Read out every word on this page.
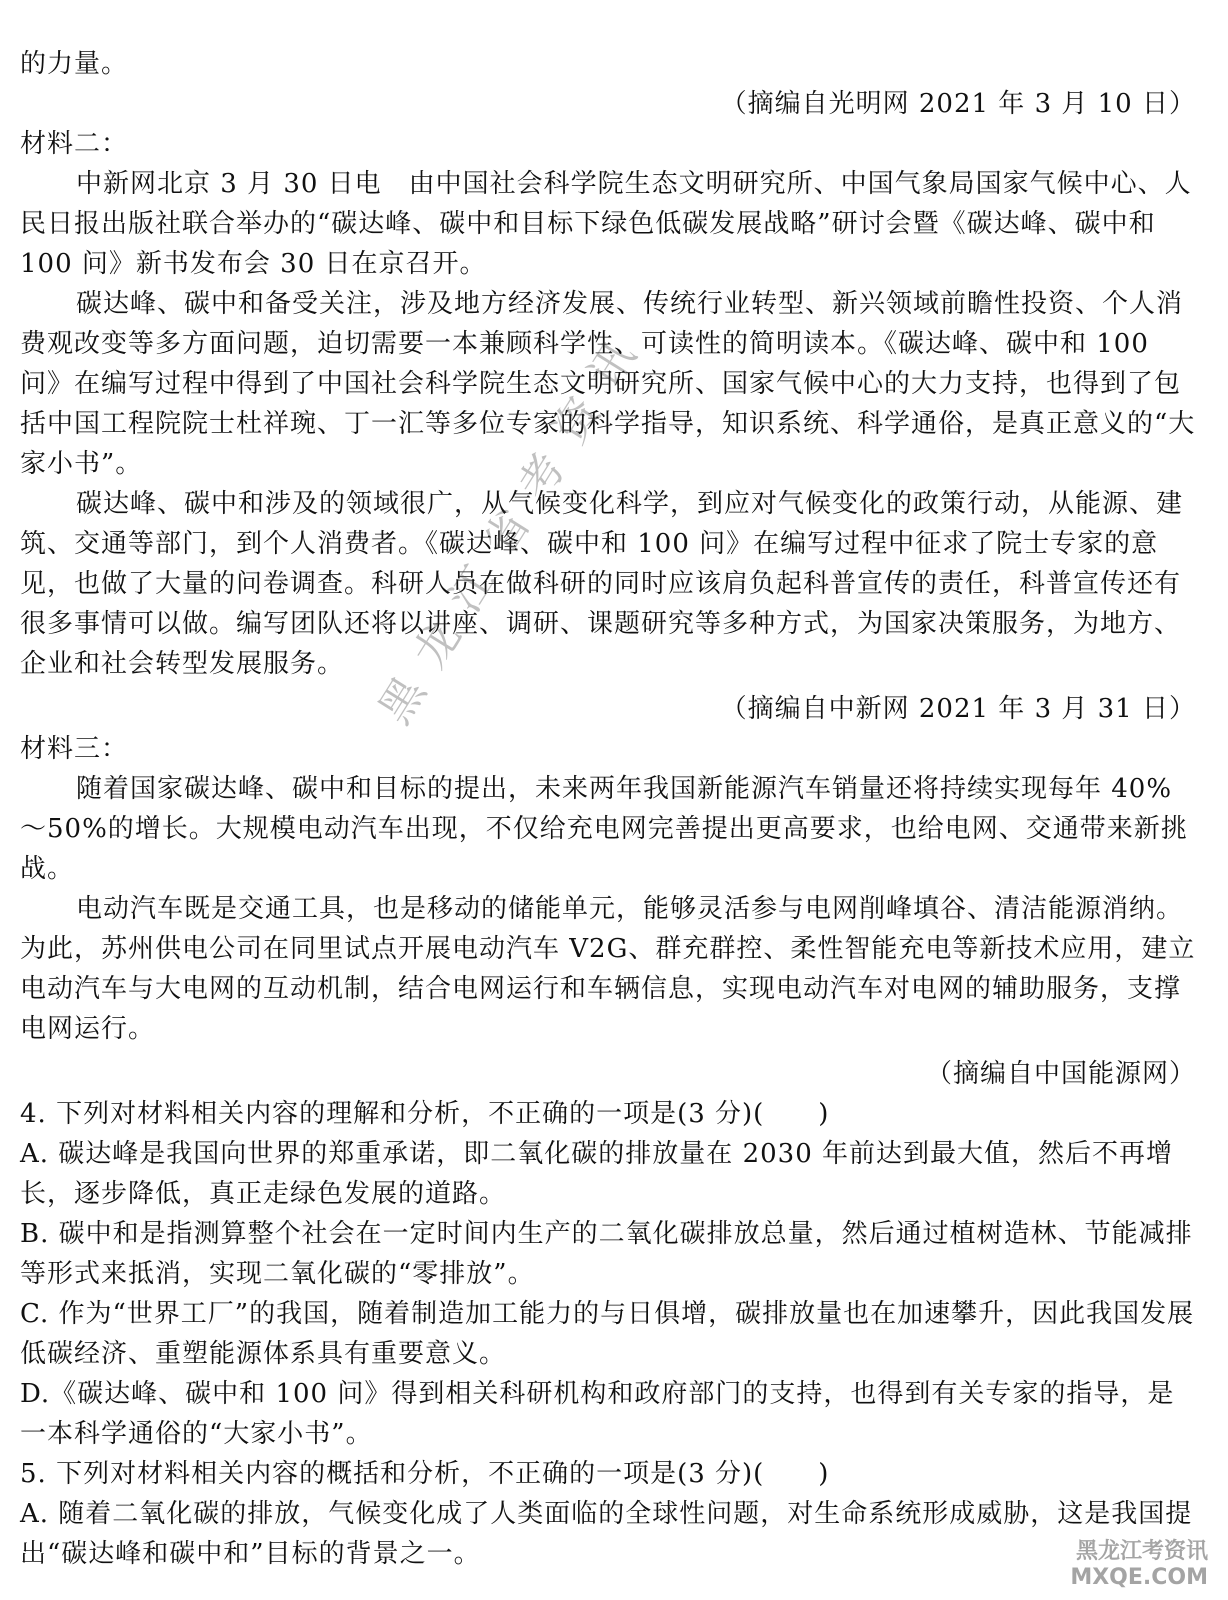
的力量。

（摘编自光明网 2021 年 3 月 10 日）

材料二：

中新网北京 3 月 30 日电　由中国社会科学院生态文明研究所、中国气象局国家气候中心、人民日报出版社联合举办的“碳达峰、碳中和目标下绿色低碳发展战略”研讨会暨《碳达峰、碳中和100 问》新书发布会 30 日在京召开。

碳达峰、碳中和备受关注，涉及地方经济发展、传统行业转型、新兴领域前瞻性投资、个人消费观改变等多方面问题，迫切需要一本兼顾科学性、可读性的简明读本。《碳达峰、碳中和 100 问》在编写过程中得到了中国社会科学院生态文明研究所、国家气候中心的大力支持，也得到了包括中国工程院院士杜祥琬、丁一汇等多位专家的科学指导，知识系统、科学通俗，是真正意义的“大家小书”。

碳达峰、碳中和涉及的领域很广，从气候变化科学，到应对气候变化的政策行动，从能源、建筑、交通等部门，到个人消费者。《碳达峰、碳中和 100 问》在编写过程中征求了院士专家的意见，也做了大量的问卷调查。科研人员在做科研的同时应该肩负起科普宣传的责任，科普宣传还有很多事情可以做。编写团队还将以讲座、调研、课题研究等多种方式，为国家决策服务，为地方、企业和社会转型发展服务。

（摘编自中新网 2021 年 3 月 31 日）

材料三：

随着国家碳达峰、碳中和目标的提出，未来两年我国新能源汽车销量还将持续实现每年 40%～50%的增长。大规模电动汽车出现，不仅给充电网完善提出更高要求，也给电网、交通带来新挑战。

电动汽车既是交通工具，也是移动的储能单元，能够灵活参与电网削峰填谷、清洁能源消纳。为此，苏州供电公司在同里试点开展电动汽车 V2G、群充群控、柔性智能充电等新技术应用，建立电动汽车与大电网的互动机制，结合电网运行和车辆信息，实现电动汽车对电网的辅助服务，支撑电网运行。

（摘编自中国能源网）

4. 下列对材料相关内容的理解和分析，不正确的一项是(3 分)(　　)

A. 碳达峰是我国向世界的郑重承诺，即二氧化碳的排放量在 2030 年前达到最大值，然后不再增长，逐步降低，真正走绿色发展的道路。

B. 碳中和是指测算整个社会在一定时间内生产的二氧化碳排放总量，然后通过植树造林、节能减排等形式来抵消，实现二氧化碳的“零排放”。

C. 作为“世界工厂”的我国，随着制造加工能力的与日俱增，碳排放量也在加速攀升，因此我国发展低碳经济、重塑能源体系具有重要意义。

D.《碳达峰、碳中和 100 问》得到相关科研机构和政府部门的支持，也得到有关专家的指导，是一本科学通俗的“大家小书”。

5. 下列对材料相关内容的概括和分析，不正确的一项是(3 分)(　　)

A. 随着二氧化碳的排放，气候变化成了人类面临的全球性问题，对生命系统形成威胁，这是我国提出“碳达峰和碳中和”目标的背景之一。

黑龙江省考资讯
黑龙江考资讯
MXQE.COM
